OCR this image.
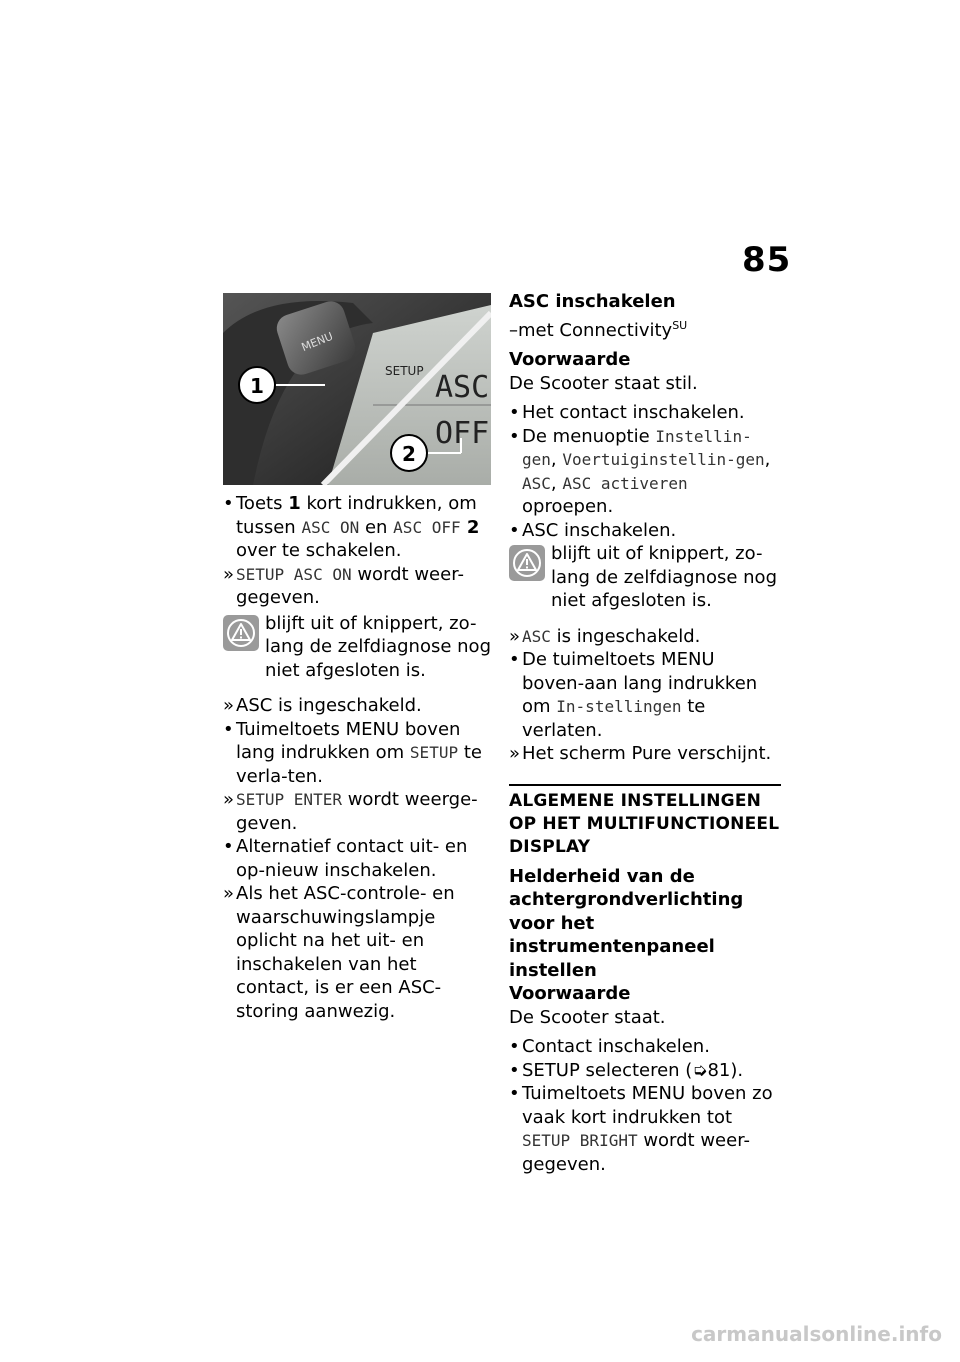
85
SETUP ASC
OFF
MENU
1
2
• Toets 1 kort indrukken, om tussen ASC ON en ASC OFF 2 over te schakelen.
» SETUP ASC ON wordt weer-gegeven.
blijft uit of knippert, zo-lang de zelfdiagnose nog niet afgesloten is.
» ASC is ingeschakeld.
• Tuimeltoets MENU boven lang indrukken om SETUP te verla-ten.
» SETUP ENTER wordt weerge-geven.
• Alternatief contact uit- en op-nieuw inschakelen.
» Als het ASC-controle- en waarschuwingslampje oplicht na het uit- en inschakelen van het contact, is er een ASC-storing aanwezig.
ASC inschakelen
–met Connectivity$^{SU}$
Voorwaarde
De Scooter staat stil.
• Het contact inschakelen.
• De menuoptie Instellin-gen, Voertuiginstellin-gen, ASC, ASC activeren oproepen.
• ASC inschakelen.
blijft uit of knippert, zo-lang de zelfdiagnose nog niet afgesloten is.
» ASC is ingeschakeld.
• De tuimeltoets MENU boven-aan lang indrukken om In-stellingen te verlaten.
» Het scherm Pure verschijnt.
ALGEMENE INSTELLINGEN OP HET MULTIFUNCTIONEEL DISPLAY
Helderheid van de achtergrondverlichting voor het instrumentenpaneel instellen
Voorwaarde
De Scooter staat.
• Contact inschakelen.
• SETUP selecteren (➭81).
• Tuimeltoets MENU boven zo vaak kort indrukken tot SETUP BRIGHT wordt weer-gegeven.
carmanualsonline.info
